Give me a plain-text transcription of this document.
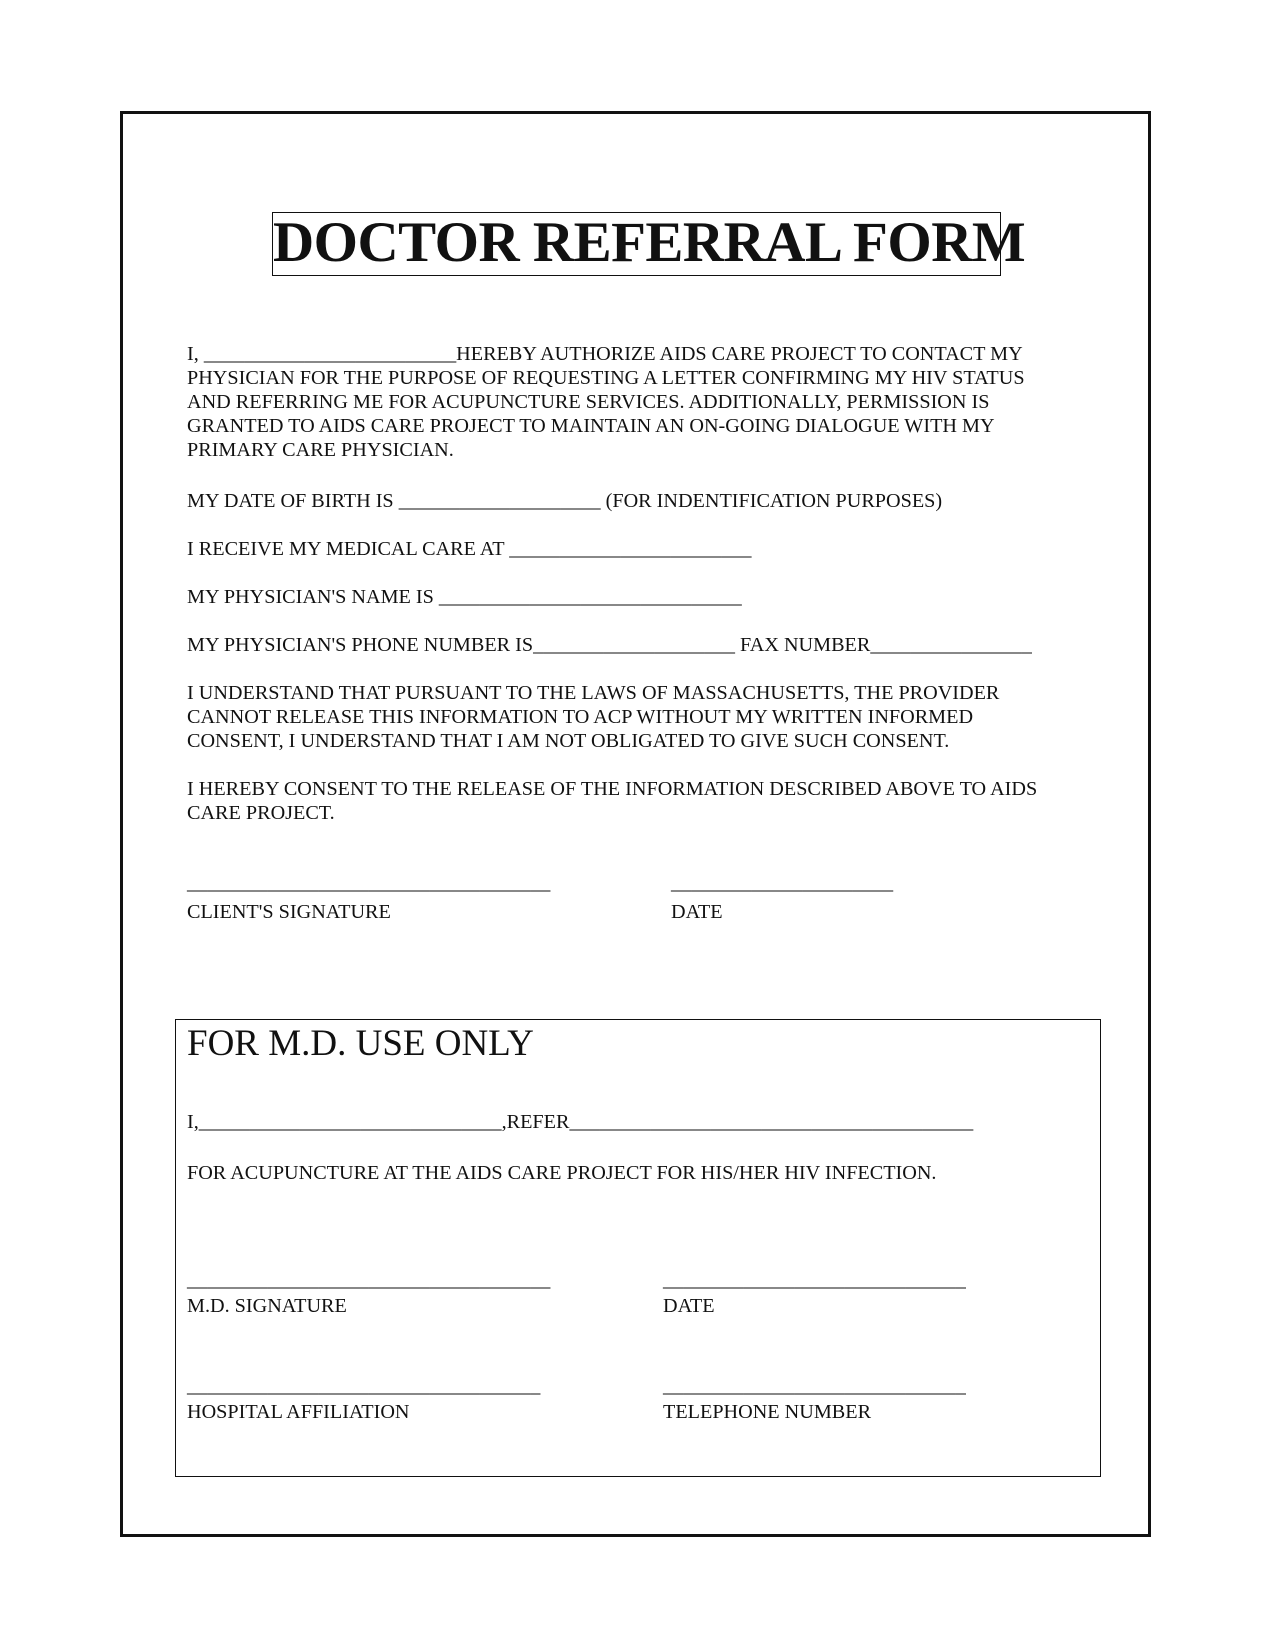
DOCTOR REFERRAL FORM
I, _________________________HEREBY AUTHORIZE AIDS CARE PROJECT TO CONTACT MY
PHYSICIAN FOR THE PURPOSE OF REQUESTING A LETTER CONFIRMING MY HIV STATUS
AND REFERRING ME FOR ACUPUNCTURE SERVICES. ADDITIONALLY, PERMISSION IS
GRANTED TO AIDS CARE PROJECT TO MAINTAIN AN ON-GOING DIALOGUE WITH MY
PRIMARY CARE PHYSICIAN.
MY DATE OF BIRTH IS ____________________ (FOR INDENTIFICATION PURPOSES)
I RECEIVE MY MEDICAL CARE AT ________________________
MY PHYSICIAN'S NAME IS ______________________________
MY PHYSICIAN'S PHONE NUMBER IS____________________ FAX NUMBER________________
I UNDERSTAND THAT PURSUANT TO THE LAWS OF MASSACHUSETTS, THE PROVIDER
CANNOT RELEASE THIS INFORMATION TO ACP WITHOUT MY WRITTEN INFORMED
CONSENT, I UNDERSTAND THAT I AM NOT OBLIGATED TO GIVE SUCH CONSENT.
I HEREBY CONSENT TO THE RELEASE OF THE INFORMATION DESCRIBED ABOVE TO AIDS
CARE PROJECT.
____________________________________
CLIENT'S SIGNATURE
______________________
DATE
FOR M.D. USE ONLY
I,______________________________,REFER________________________________________
FOR ACUPUNCTURE AT THE AIDS CARE PROJECT FOR HIS/HER HIV INFECTION.
____________________________________
M.D. SIGNATURE
______________________________
DATE
___________________________________
HOSPITAL AFFILIATION
______________________________
TELEPHONE NUMBER
